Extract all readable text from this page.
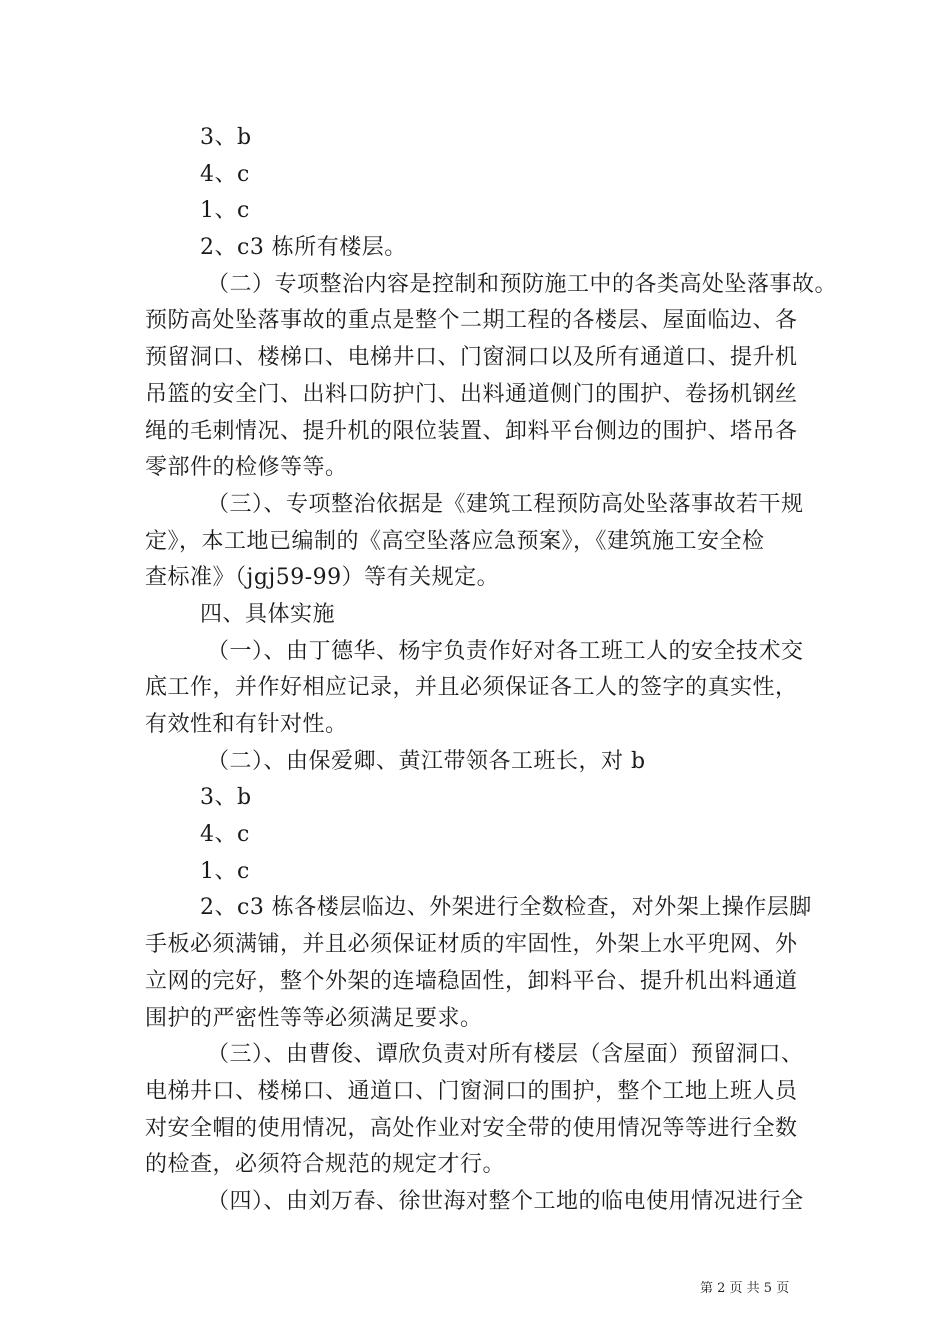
3、b
4、c
1、c
2、c3 栋所有楼层。
（二）专项整治内容是控制和预防施工中的各类高处坠落事故。
预防高处坠落事故的重点是整个二期工程的各楼层、屋面临边、各
预留洞口、楼梯口、电梯井口、门窗洞口以及所有通道口、提升机
吊篮的安全门、出料口防护门、出料通道侧门的围护、卷扬机钢丝
绳的毛刺情况、提升机的限位装置、卸料平台侧边的围护、塔吊各
零部件的检修等等。
（三）、专项整治依据是《建筑工程预防高处坠落事故若干规
定》，本工地已编制的《高空坠落应急预案》，《建筑施工安全检
查标准》（jgj59-99）等有关规定。
四、具体实施
（一）、由丁德华、杨宇负责作好对各工班工人的安全技术交
底工作，并作好相应记录，并且必须保证各工人的签字的真实性，
有效性和有针对性。
（二）、由保爱卿、黄江带领各工班长，对 b
3、b
4、c
1、c
2、c3 栋各楼层临边、外架进行全数检查，对外架上操作层脚
手板必须满铺，并且必须保证材质的牢固性，外架上水平兜网、外
立网的完好，整个外架的连墙稳固性，卸料平台、提升机出料通道
围护的严密性等等必须满足要求。
（三）、由曹俊、谭欣负责对所有楼层（含屋面）预留洞口、
电梯井口、楼梯口、通道口、门窗洞口的围护，整个工地上班人员
对安全帽的使用情况，高处作业对安全带的使用情况等等进行全数
的检查，必须符合规范的规定才行。
（四）、由刘万春、徐世海对整个工地的临电使用情况进行全
第 2 页 共 5 页
